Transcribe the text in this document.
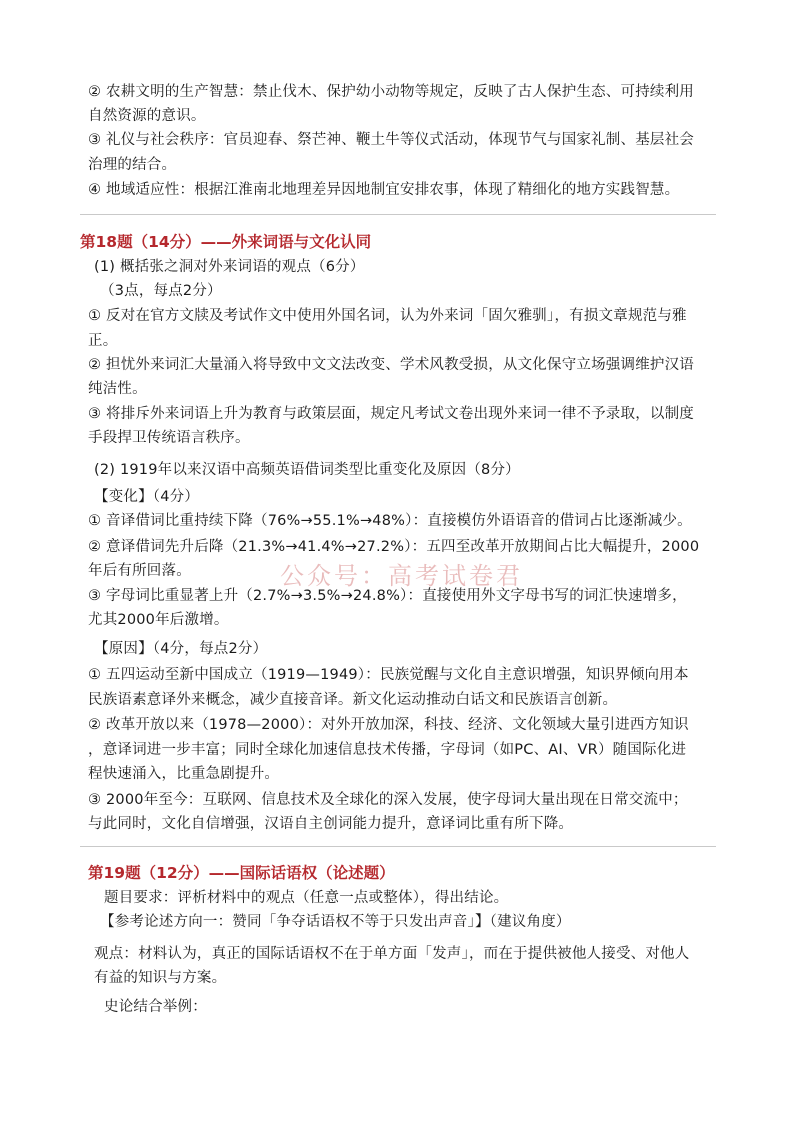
② 农耕文明的生产智慧：禁止伐木、保护幼小动物等规定，反映了古人保护生态、可持续利用
自然资源的意识。
③ 礼仪与社会秩序：官员迎春、祭芒神、鞭土牛等仪式活动，体现节气与国家礼制、基层社会
治理的结合。
④ 地域适应性：根据江淮南北地理差异因地制宜安排农事，体现了精细化的地方实践智慧。
第18题（14分）——外来词语与文化认同
(1) 概括张之洞对外来词语的观点（6分）
（3点，每点2分）
① 反对在官方文牍及考试作文中使用外国名词，认为外来词「固欠雅驯」，有损文章规范与雅
正。
② 担忧外来词汇大量涌入将导致中文文法改变、学术风教受损，从文化保守立场强调维护汉语
纯洁性。
③ 将排斥外来词语上升为教育与政策层面，规定凡考试文卷出现外来词一律不予录取，以制度
手段捍卫传统语言秩序。
(2) 1919年以来汉语中高频英语借词类型比重变化及原因（8分）
【变化】（4分）
① 音译借词比重持续下降（76%→55.1%→48%）：直接模仿外语语音的借词占比逐渐减少。
② 意译借词先升后降（21.3%→41.4%→27.2%）：五四至改革开放期间占比大幅提升，2000
年后有所回落。
③ 字母词比重显著上升（2.7%→3.5%→24.8%）：直接使用外文字母书写的词汇快速增多，
尤其2000年后激增。
【原因】（4分，每点2分）
① 五四运动至新中国成立（1919—1949）：民族觉醒与文化自主意识增强，知识界倾向用本
民族语素意译外来概念，减少直接音译。新文化运动推动白话文和民族语言创新。
② 改革开放以来（1978—2000）：对外开放加深，科技、经济、文化领域大量引进西方知识
，意译词进一步丰富；同时全球化加速信息技术传播，字母词（如PC、AI、VR）随国际化进
程快速涌入，比重急剧提升。
③ 2000年至今：互联网、信息技术及全球化的深入发展，使字母词大量出现在日常交流中；
与此同时，文化自信增强，汉语自主创词能力提升，意译词比重有所下降。
公众号：高考试卷君
第19题（12分）——国际话语权（论述题）
题目要求：评析材料中的观点（任意一点或整体），得出结论。
【参考论述方向一：赞同「争夺话语权不等于只发出声音」】（建议角度）
观点：材料认为，真正的国际话语权不在于单方面「发声」，而在于提供被他人接受、对他人
有益的知识与方案。
史论结合举例：
